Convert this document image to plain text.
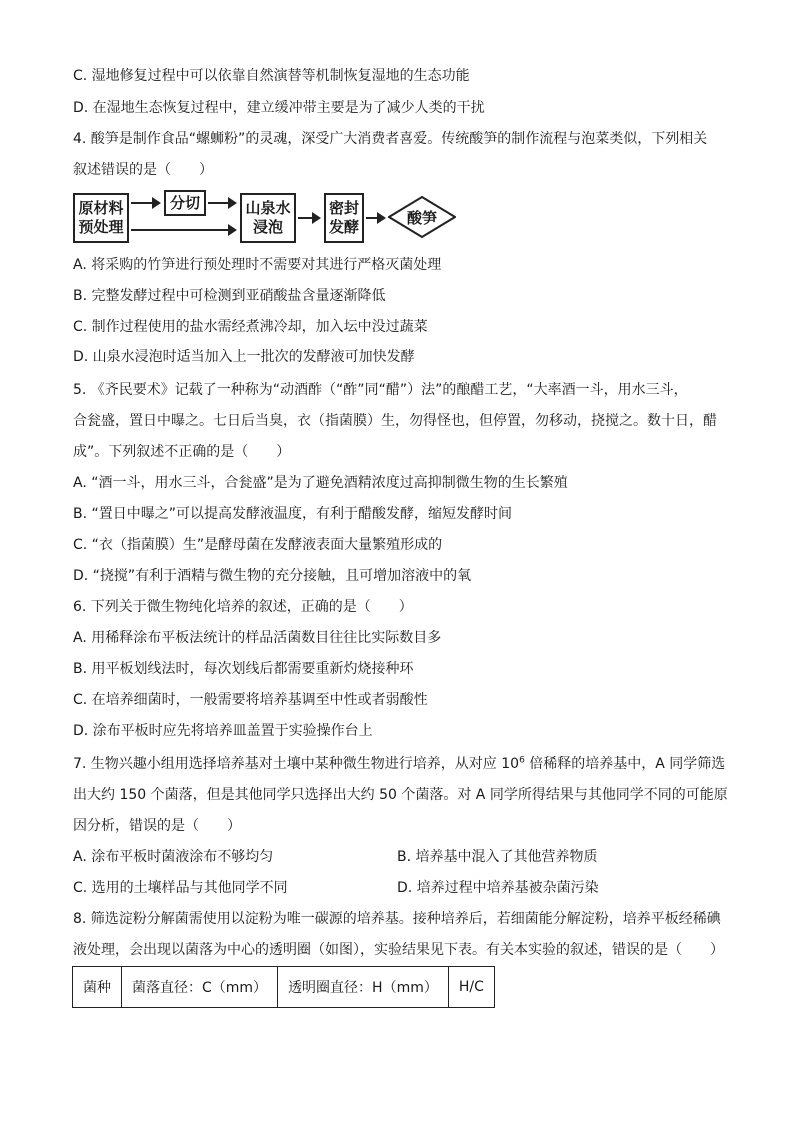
C. 湿地修复过程中可以依靠自然演替等机制恢复湿地的生态功能
D. 在湿地生态恢复过程中，建立缓冲带主要是为了减少人类的干扰
4. 酸笋是制作食品“螺蛳粉”的灵魂，深受广大消费者喜爱。传统酸笋的制作流程与泡菜类似，下列相关
叙述错误的是（　　）
原材料
预处理
分切	山泉水
浸泡
密封
发酵
酸笋
A. 将采购的竹笋进行预处理时不需要对其进行严格灭菌处理
B. 完整发酵过程中可检测到亚硝酸盐含量逐渐降低
C. 制作过程使用的盐水需经煮沸冷却，加入坛中没过蔬菜
D. 山泉水浸泡时适当加入上一批次的发酵液可加快发酵
5. 《齐民要术》记载了一种称为“动酒酢（“酢”同“醋”）法”的酿醋工艺，“大率酒一斗，用水三斗，
合瓮盛，置日中曝之。七日后当臭，衣（指菌膜）生，勿得怪也，但停置，勿移动，挠搅之。数十日，醋
成”。下列叙述不正确的是（　　）
A. “酒一斗，用水三斗，合瓮盛”是为了避免酒精浓度过高抑制微生物的生长繁殖
B. “置日中曝之”可以提高发酵液温度，有利于醋酸发酵，缩短发酵时间
C. “衣（指菌膜）生”是酵母菌在发酵液表面大量繁殖形成的
D. “挠搅”有利于酒精与微生物的充分接触，且可增加溶液中的氧
6. 下列关于微生物纯化培养的叙述，正确的是（　　）
A. 用稀释涂布平板法统计的样品活菌数目往往比实际数目多
B. 用平板划线法时，每次划线后都需要重新灼烧接种环
C. 在培养细菌时，一般需要将培养基调至中性或者弱酸性
D. 涂布平板时应先将培养皿盖置于实验操作台上
7. 生物兴趣小组用选择培养基对土壤中某种微生物进行培养，从对应 $10^6$ 倍稀释的培养基中，A 同学筛选
出大约 150 个菌落，但是其他同学只选择出大约 50 个菌落。对 A 同学所得结果与其他同学不同的可能原
因分析，错误的是（　　）
A. 涂布平板时菌液涂布不够均匀	B. 培养基中混入了其他营养物质
C. 选用的土壤样品与其他同学不同	D. 培养过程中培养基被杂菌污染
8. 筛选淀粉分解菌需使用以淀粉为唯一碳源的培养基。接种培养后，若细菌能分解淀粉，培养平板经稀碘
液处理，会出现以菌落为中心的透明圈（如图），实验结果见下表。有关本实验的叙述，错误的是（　　）
菌种	菌落直径：C（mm）	透明圈直径：H（mm）	H/C
